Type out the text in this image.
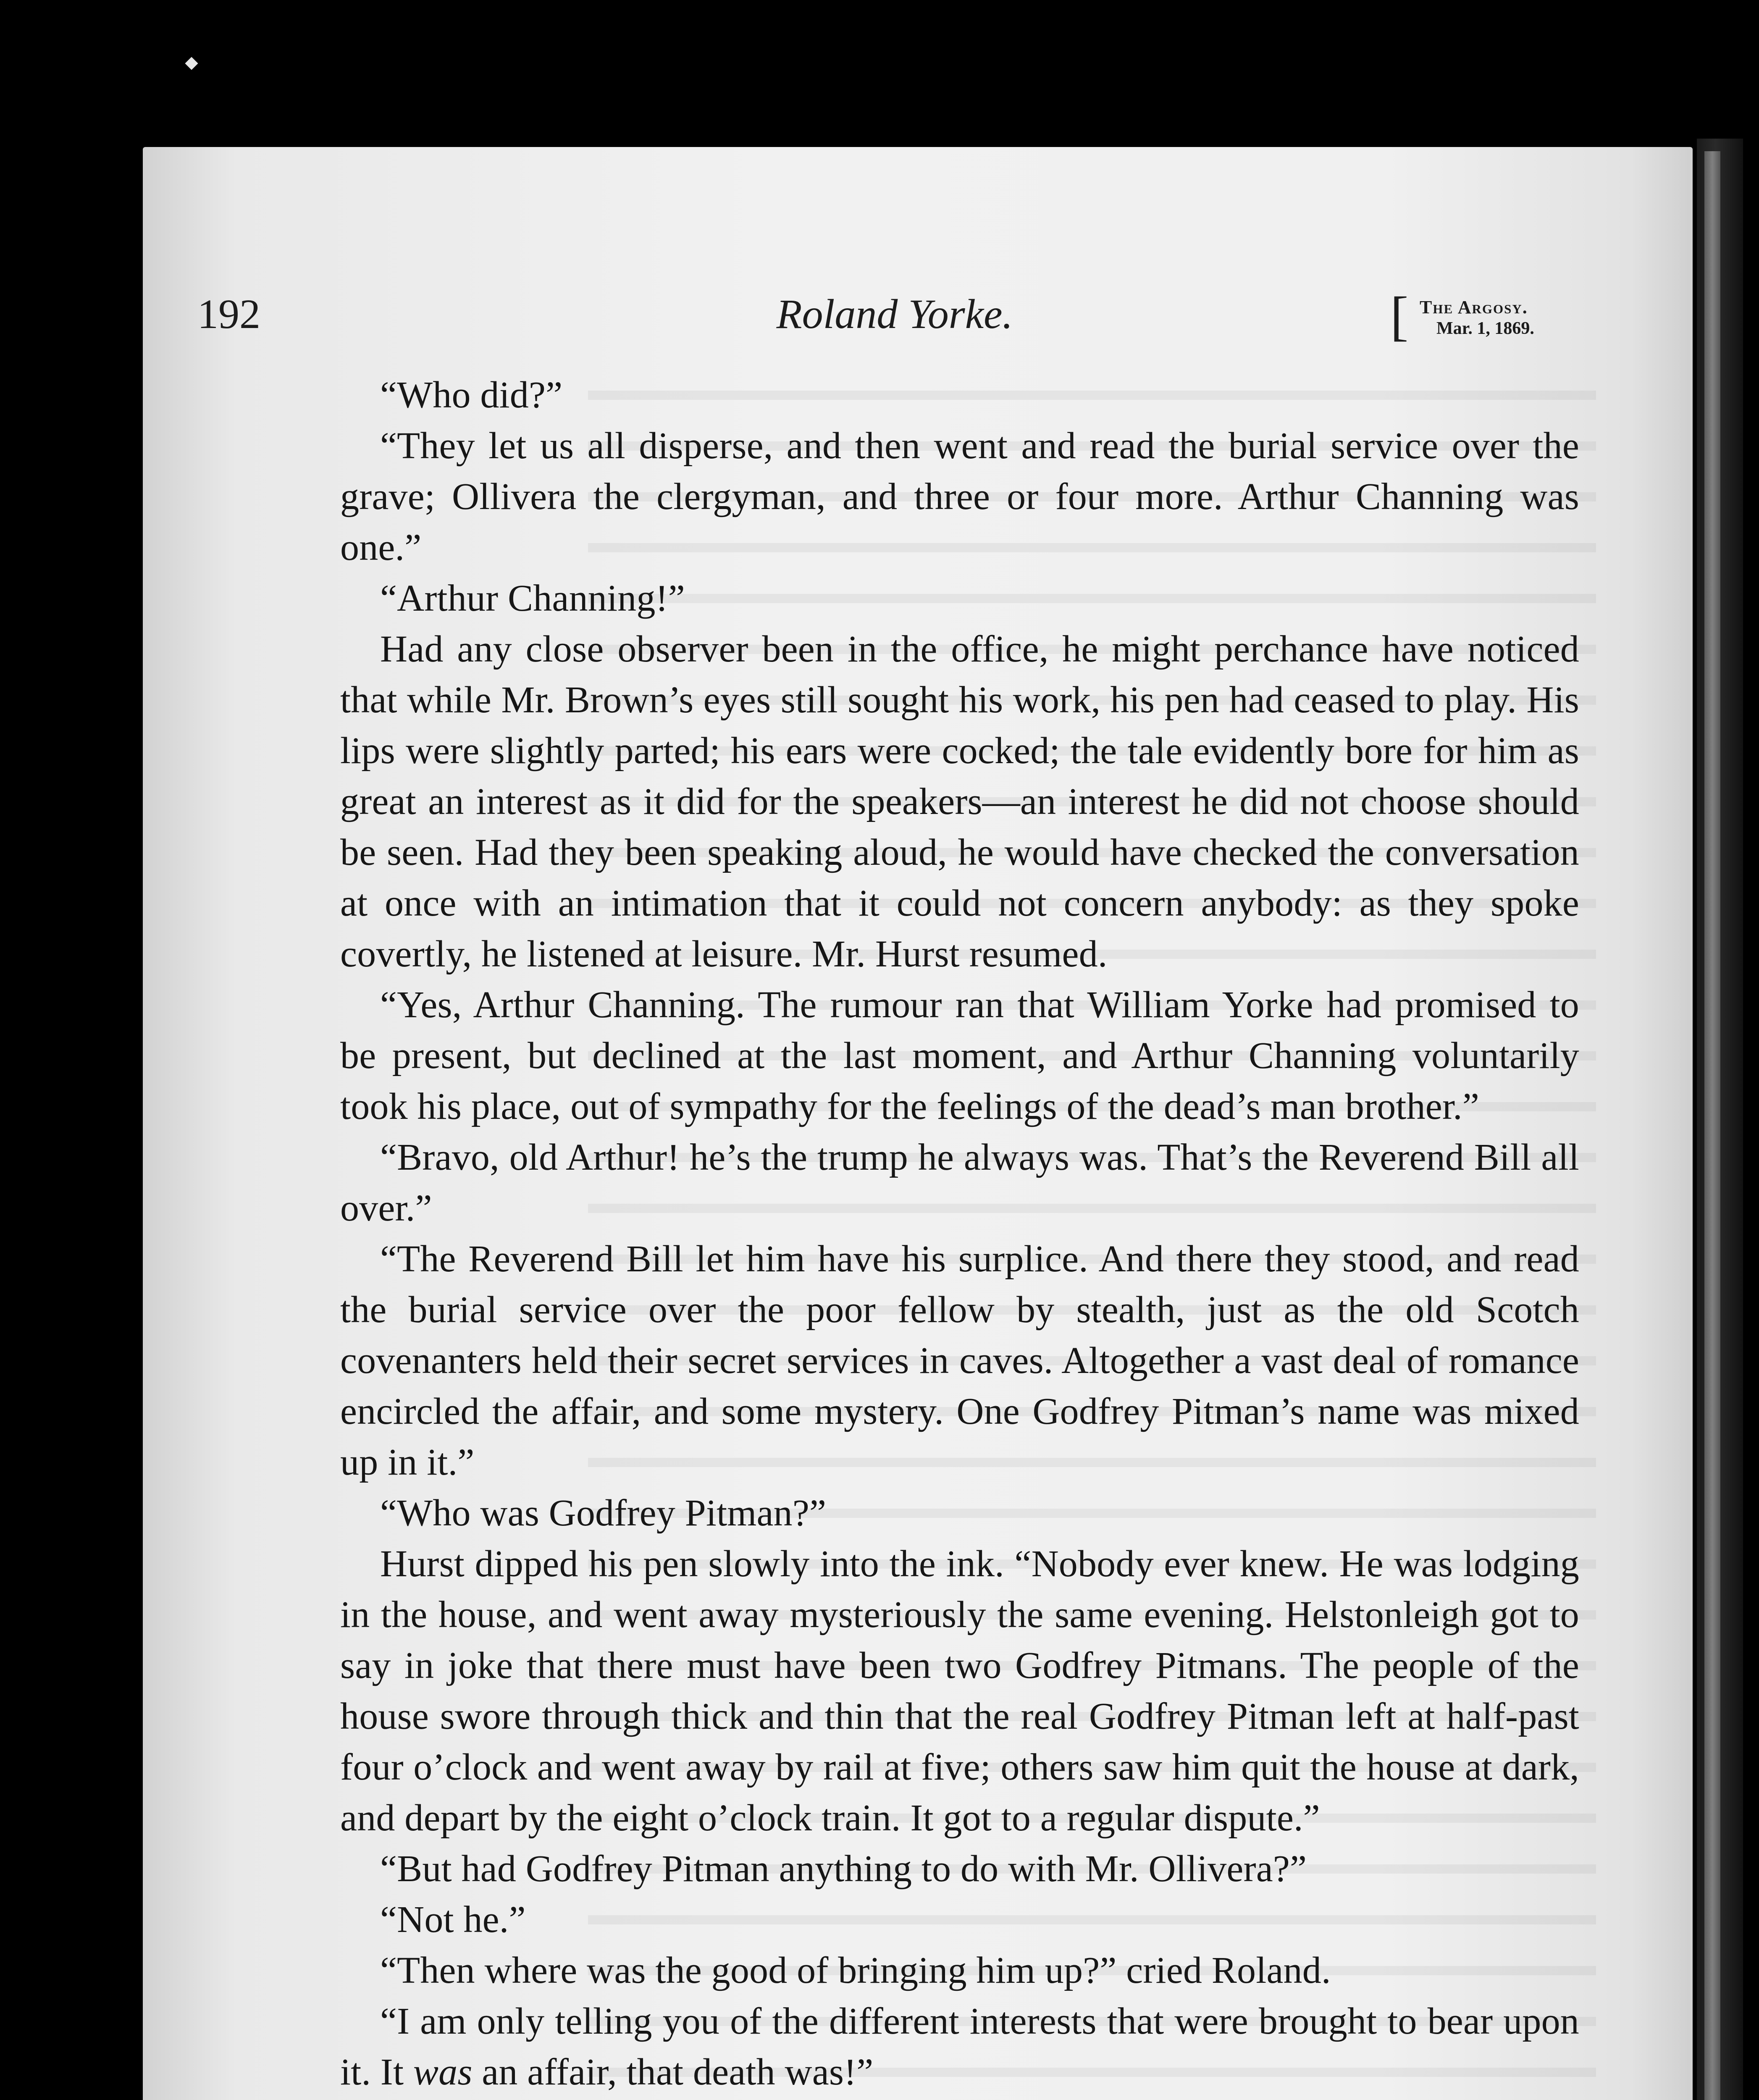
192	Roland Yorke.	[ The Argosy.
Mar. 1, 1869.

“Who did?”

“They let us all disperse, and then went and read the burial service over the grave; Ollivera the clergyman, and three or four more. Arthur Channing was one.”

“Arthur Channing!”

Had any close observer been in the office, he might perchance have noticed that while Mr. Brown’s eyes still sought his work, his pen had ceased to play. His lips were slightly parted; his ears were cocked; the tale evidently bore for him as great an interest as it did for the speakers—an interest he did not choose should be seen. Had they been speaking aloud, he would have checked the conversation at once with an intimation that it could not concern anybody: as they spoke covertly, he listened at leisure. Mr. Hurst resumed.

“Yes, Arthur Channing. The rumour ran that William Yorke had promised to be present, but declined at the last moment, and Arthur Channing voluntarily took his place, out of sympathy for the feelings of the dead’s man brother.”

“Bravo, old Arthur! he’s the trump he always was. That’s the Reverend Bill all over.”

“The Reverend Bill let him have his surplice. And there they stood, and read the burial service over the poor fellow by stealth, just as the old Scotch covenanters held their secret services in caves. Altogether a vast deal of romance encircled the affair, and some mystery. One Godfrey Pitman’s name was mixed up in it.”

“Who was Godfrey Pitman?”

Hurst dipped his pen slowly into the ink. “Nobody ever knew. He was lodging in the house, and went away mysteriously the same evening. Helstonleigh got to say in joke that there must have been two Godfrey Pitmans. The people of the house swore through thick and thin that the real Godfrey Pitman left at half-past four o’clock and went away by rail at five; others saw him quit the house at dark, and depart by the eight o’clock train. It got to a regular dispute.”

“But had Godfrey Pitman anything to do with Mr. Ollivera?”

“Not he.”

“Then where was the good of bringing him up?” cried Roland.

“I am only telling you of the different interests that were brought to bear upon it. It was an affair, that death was!”
